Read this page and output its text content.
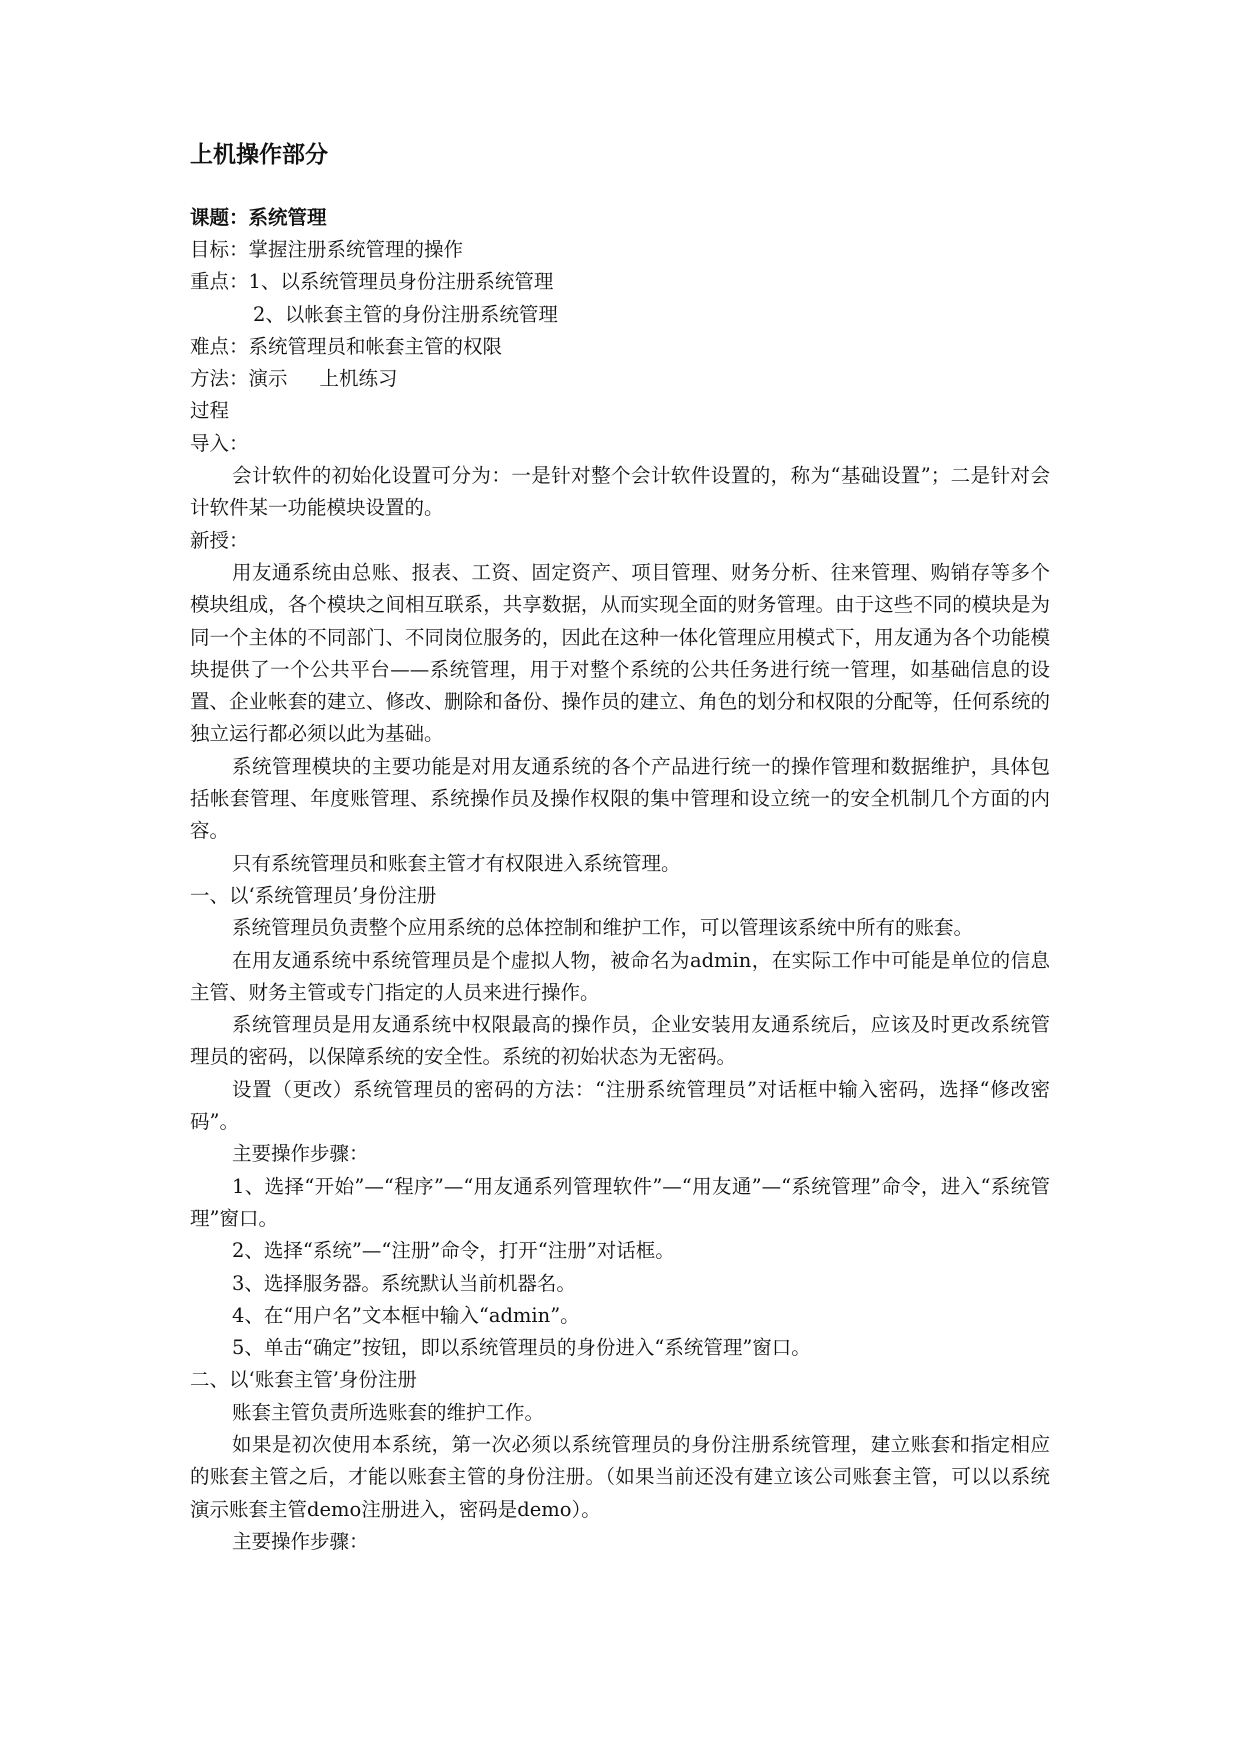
上机操作部分
课题：系统管理
目标：掌握注册系统管理的操作
重点：1、以系统管理员身份注册系统管理
2、以帐套主管的身份注册系统管理
难点：系统管理员和帐套主管的权限
方法：演示 上机练习
过程
导入：

会计软件的初始化设置可分为：一是针对整个会计软件设置的，称为“基础设置”；二是针对会计软件某一功能模块设置的。

新授：

用友通系统由总账、报表、工资、固定资产、项目管理、财务分析、往来管理、购销存等多个模块组成，各个模块之间相互联系，共享数据，从而实现全面的财务管理。由于这些不同的模块是为同一个主体的不同部门、不同岗位服务的，因此在这种一体化管理应用模式下，用友通为各个功能模块提供了一个公共平台——系统管理，用于对整个系统的公共任务进行统一管理，如基础信息的设置、企业帐套的建立、修改、删除和备份、操作员的建立、角色的划分和权限的分配等，任何系统的独立运行都必须以此为基础。

系统管理模块的主要功能是对用友通系统的各个产品进行统一的操作管理和数据维护，具体包括帐套管理、年度账管理、系统操作员及操作权限的集中管理和设立统一的安全机制几个方面的内容。

只有系统管理员和账套主管才有权限进入系统管理。

一、以‘系统管理员’身份注册

系统管理员负责整个应用系统的总体控制和维护工作，可以管理该系统中所有的账套。

在用友通系统中系统管理员是个虚拟人物，被命名为admin，在实际工作中可能是单位的信息主管、财务主管或专门指定的人员来进行操作。

系统管理员是用友通系统中权限最高的操作员，企业安装用友通系统后，应该及时更改系统管理员的密码，以保障系统的安全性。系统的初始状态为无密码。

设置（更改）系统管理员的密码的方法：“注册系统管理员”对话框中输入密码，选择“修改密码”。

主要操作步骤：

1、选择“开始”—“程序”—“用友通系列管理软件”—“用友通”—“系统管理”命令，进入“系统管理”窗口。

2、选择“系统”—“注册”命令，打开“注册”对话框。
3、选择服务器。系统默认当前机器名。
4、在“用户名”文本框中输入“admin”。
5、单击“确定”按钮，即以系统管理员的身份进入“系统管理”窗口。
二、以‘账套主管’身份注册
账套主管负责所选账套的维护工作。

如果是初次使用本系统，第一次必须以系统管理员的身份注册系统管理，建立账套和指定相应的账套主管之后，才能以账套主管的身份注册。（如果当前还没有建立该公司账套主管，可以以系统演示账套主管demo注册进入，密码是demo）。

主要操作步骤：
